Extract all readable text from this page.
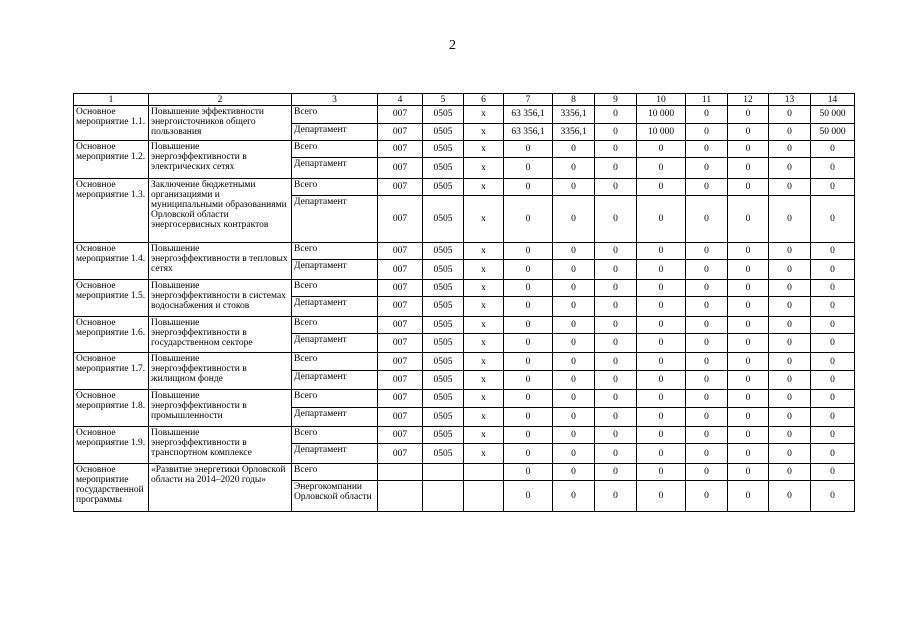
2
1	2	3	4	5	6	7	8	9	10	11	12	13	14
Основное мероприятие 1.1.	Повышение эффективности энергоисточников общего пользования	Всего	007	0505	х	63 356,1	3356,1	0	10 000	0	0	0	50 000
		Департамент	007	0505	х	63 356,1	3356,1	0	10 000	0	0	0	50 000
Основное мероприятие 1.2.	Повышение энергоэффективности в электрических сетях	Всего	007	0505	х	0	0	0	0	0	0	0	0
		Департамент	007	0505	х	0	0	0	0	0	0	0	0
Основное мероприятие 1.3.	Заключение бюджетными организациями и муниципальными образованиями Орловской области энергосервисных контрактов	Всего	007	0505	х	0	0	0	0	0	0	0	0
		Департамент	007	0505	х	0	0	0	0	0	0	0	0
Основное мероприятие 1.4.	Повышение энергоэффективности в тепловых сетях	Всего	007	0505	х	0	0	0	0	0	0	0	0
		Департамент	007	0505	х	0	0	0	0	0	0	0	0
Основное мероприятие 1.5.	Повышение энергоэффективности в системах водоснабжения и стоков	Всего	007	0505	х	0	0	0	0	0	0	0	0
		Департамент	007	0505	х	0	0	0	0	0	0	0	0
Основное мероприятие 1.6.	Повышение энергоэффективности в государственном секторе	Всего	007	0505	х	0	0	0	0	0	0	0	0
		Департамент	007	0505	х	0	0	0	0	0	0	0	0
Основное мероприятие 1.7.	Повышение энергоэффективности в жилищном фонде	Всего	007	0505	х	0	0	0	0	0	0	0	0
		Департамент	007	0505	х	0	0	0	0	0	0	0	0
Основное мероприятие 1.8.	Повышение энергоэффективности в промышленности	Всего	007	0505	х	0	0	0	0	0	0	0	0
		Департамент	007	0505	х	0	0	0	0	0	0	0	0
Основное мероприятие 1.9.	Повышение энергоэффективности в транспортном комплексе	Всего	007	0505	х	0	0	0	0	0	0	0	0
		Департамент	007	0505	х	0	0	0	0	0	0	0	0
Основное мероприятие государственной программы	«Развитие энергетики Орловской области на 2014–2020 годы»	Всего				0	0	0	0	0	0	0	0
		Энергокомпании Орловской области				0	0	0	0	0	0	0	0
